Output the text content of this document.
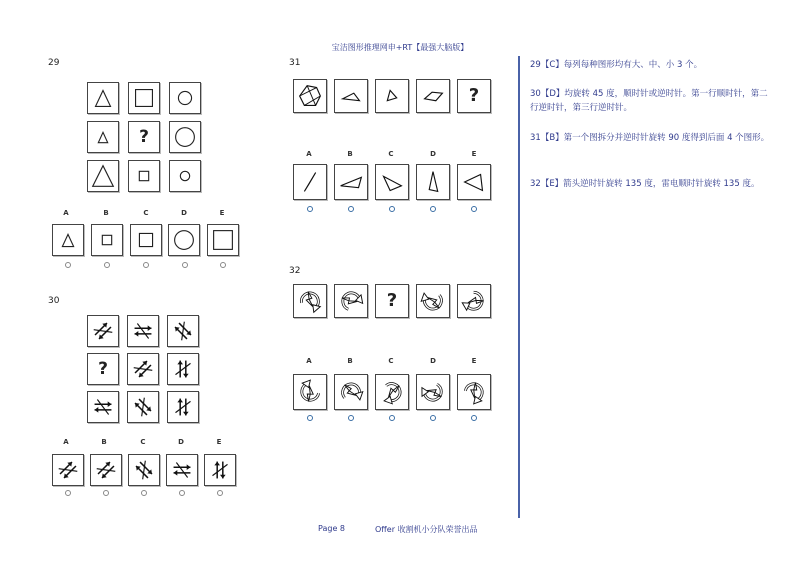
宝洁图形推理网申+RT【最强大脑版】
29
?
A	B	C	D	E
30
?
A	B	C	D	E
31
?
A	B	C	D	E
32
?
A	B	C	D	E
29【C】每列每种图形均有大、中、小 3 个。
30【D】均旋转 45 度，顺时针或逆时针。第一行顺时针，第二行逆时针，第三行逆时针。
31【B】第一个图拆分并逆时针旋转 90 度得到后面 4 个图形。
32【E】箭头逆时针旋转 135 度，雷电顺时针旋转 135 度。
Page 8	Offer 收割机小分队荣誉出品
